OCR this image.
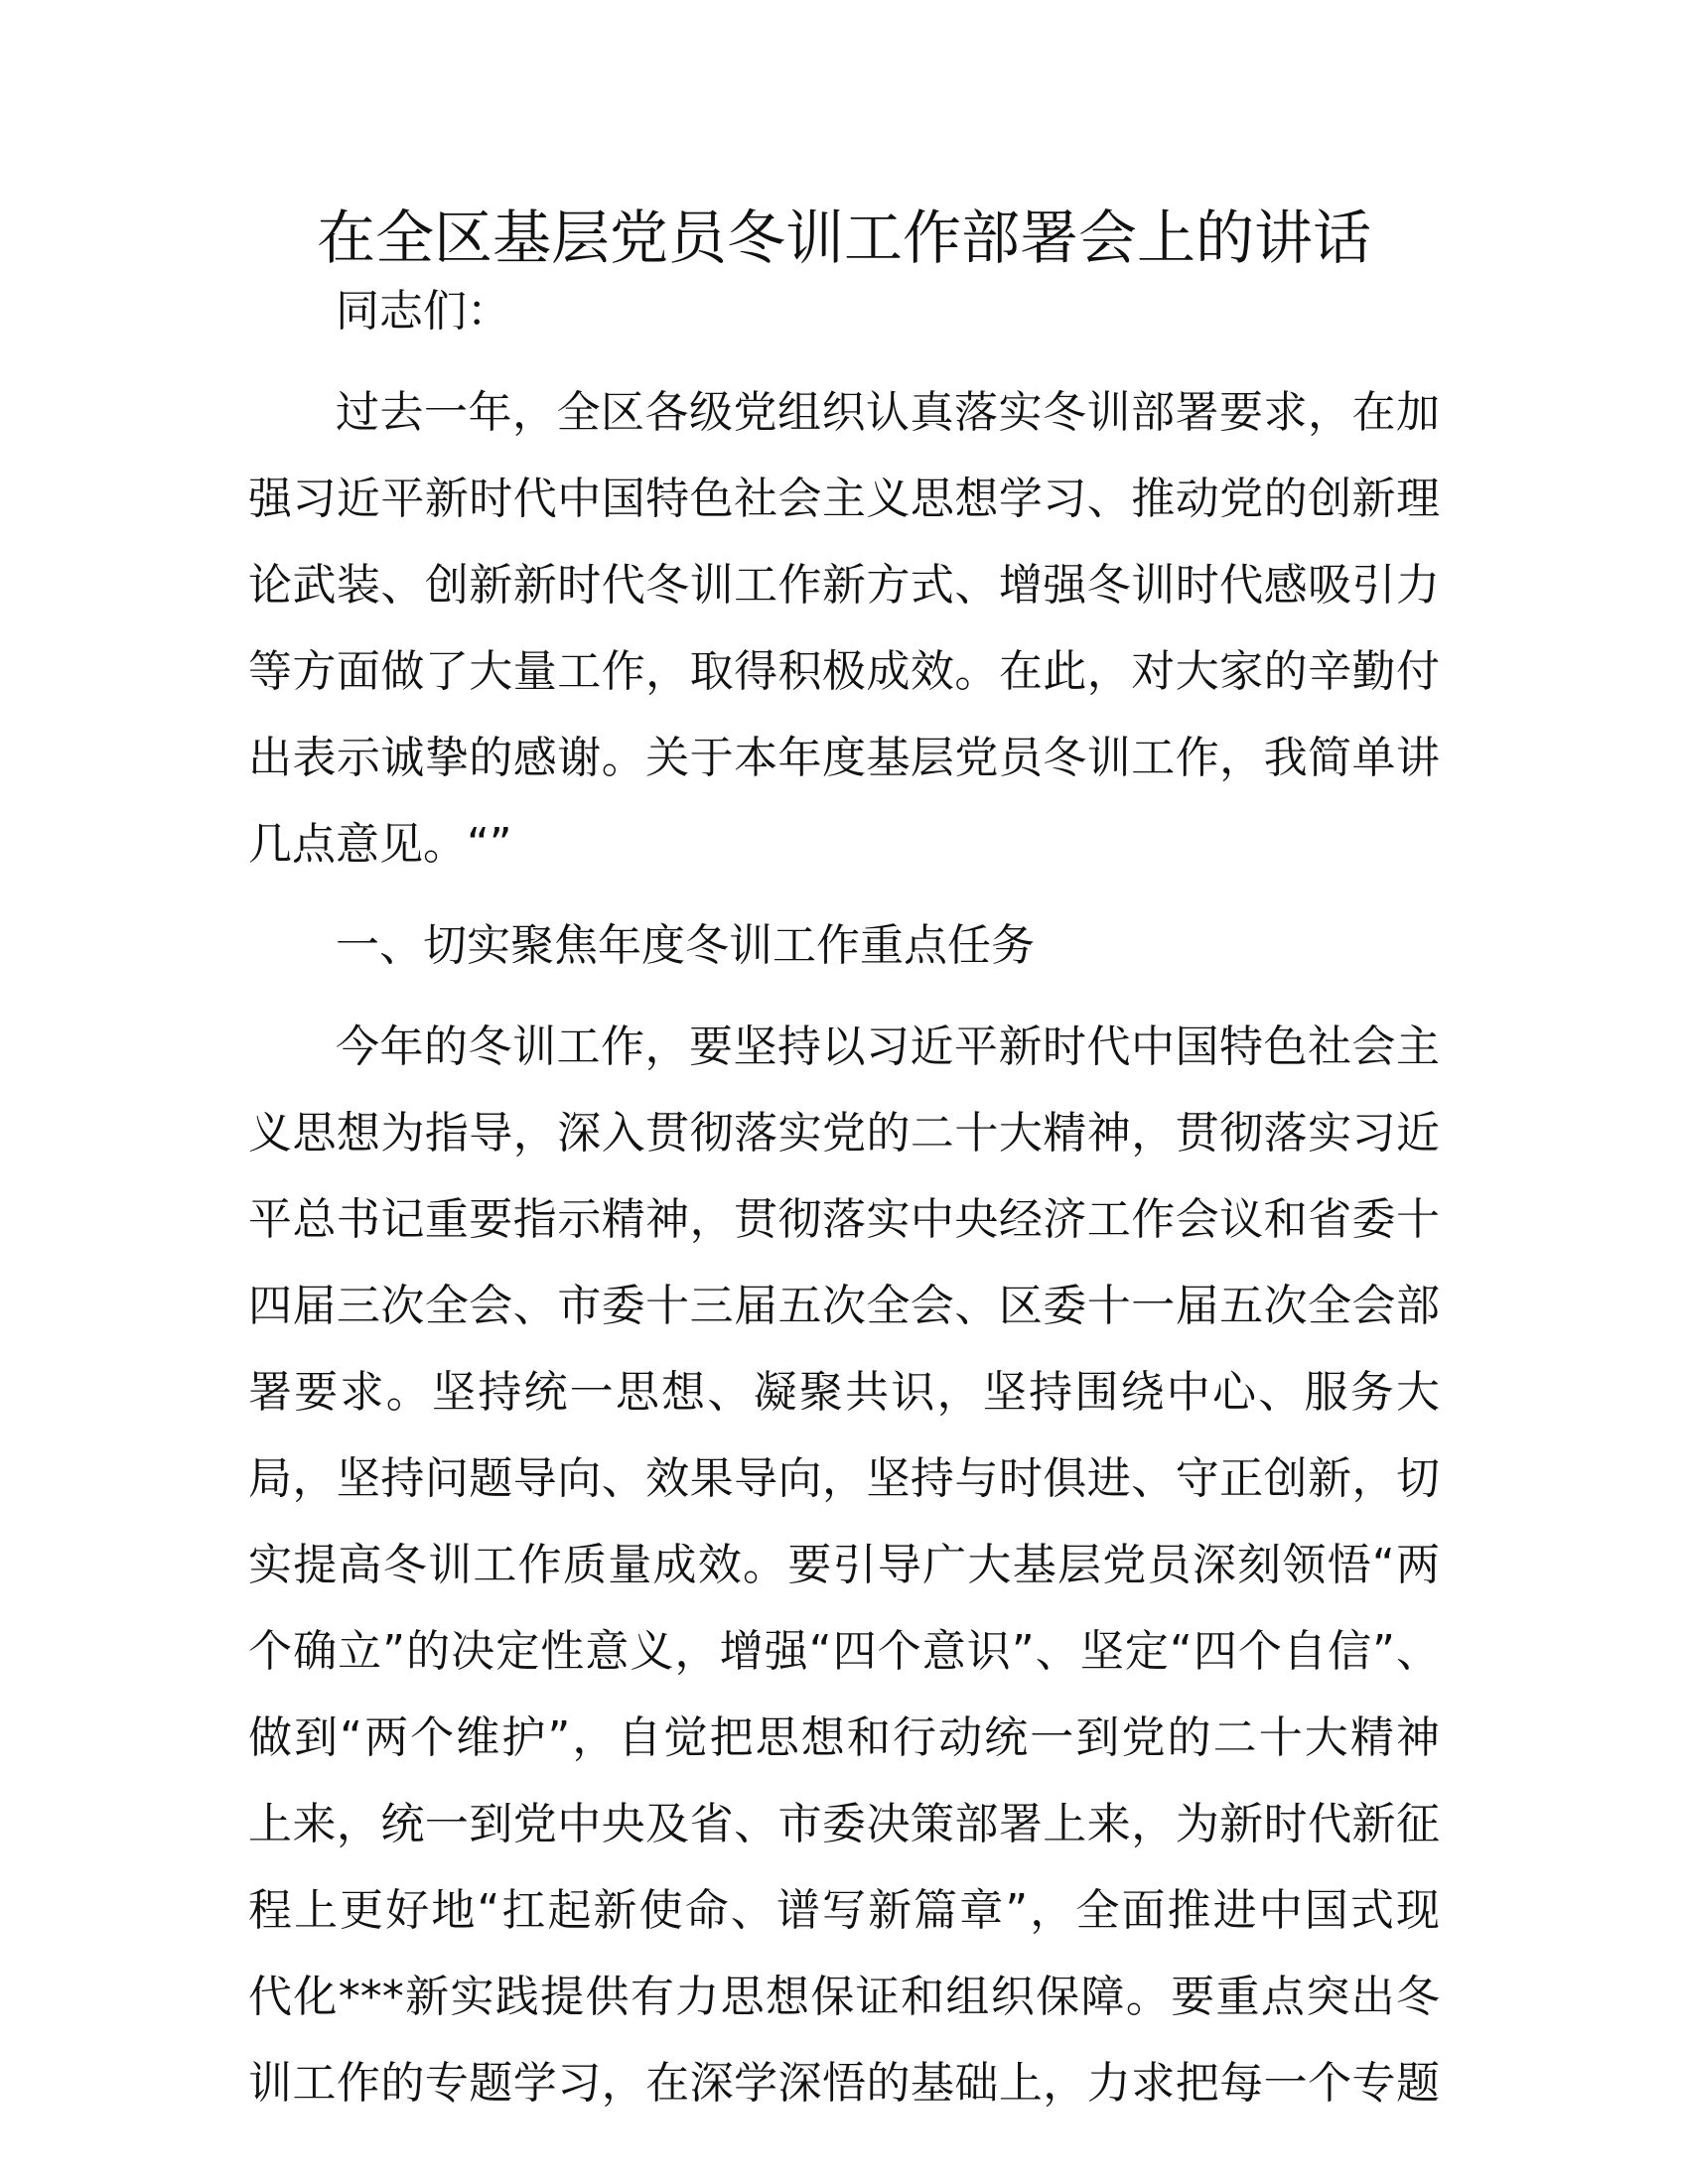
在全区基层党员冬训工作部署会上的讲话
同志们：
过去一年，全区各级党组织认真落实冬训部署要求，在加
强习近平新时代中国特色社会主义思想学习、推动党的创新理
论武装、创新新时代冬训工作新方式、增强冬训时代感吸引力
等方面做了大量工作，取得积极成效。在此，对大家的辛勤付
出表示诚挚的感谢。关于本年度基层党员冬训工作，我简单讲
几点意见。“”
一、切实聚焦年度冬训工作重点任务
今年的冬训工作，要坚持以习近平新时代中国特色社会主
义思想为指导，深入贯彻落实党的二十大精神，贯彻落实习近
平总书记重要指示精神，贯彻落实中央经济工作会议和省委十
四届三次全会、市委十三届五次全会、区委十一届五次全会部
署要求。坚持统一思想、凝聚共识，坚持围绕中心、服务大
局，坚持问题导向、效果导向，坚持与时俱进、守正创新，切
实提高冬训工作质量成效。要引导广大基层党员深刻领悟“两
个确立”的决定性意义，增强“四个意识”、坚定“四个自信”、
做到“两个维护”，自觉把思想和行动统一到党的二十大精神
上来，统一到党中央及省、市委决策部署上来，为新时代新征
程上更好地“扛起新使命、谱写新篇章”，全面推进中国式现
代化***新实践提供有力思想保证和组织保障。要重点突出冬
训工作的专题学习，在深学深悟的基础上，力求把每一个专题
